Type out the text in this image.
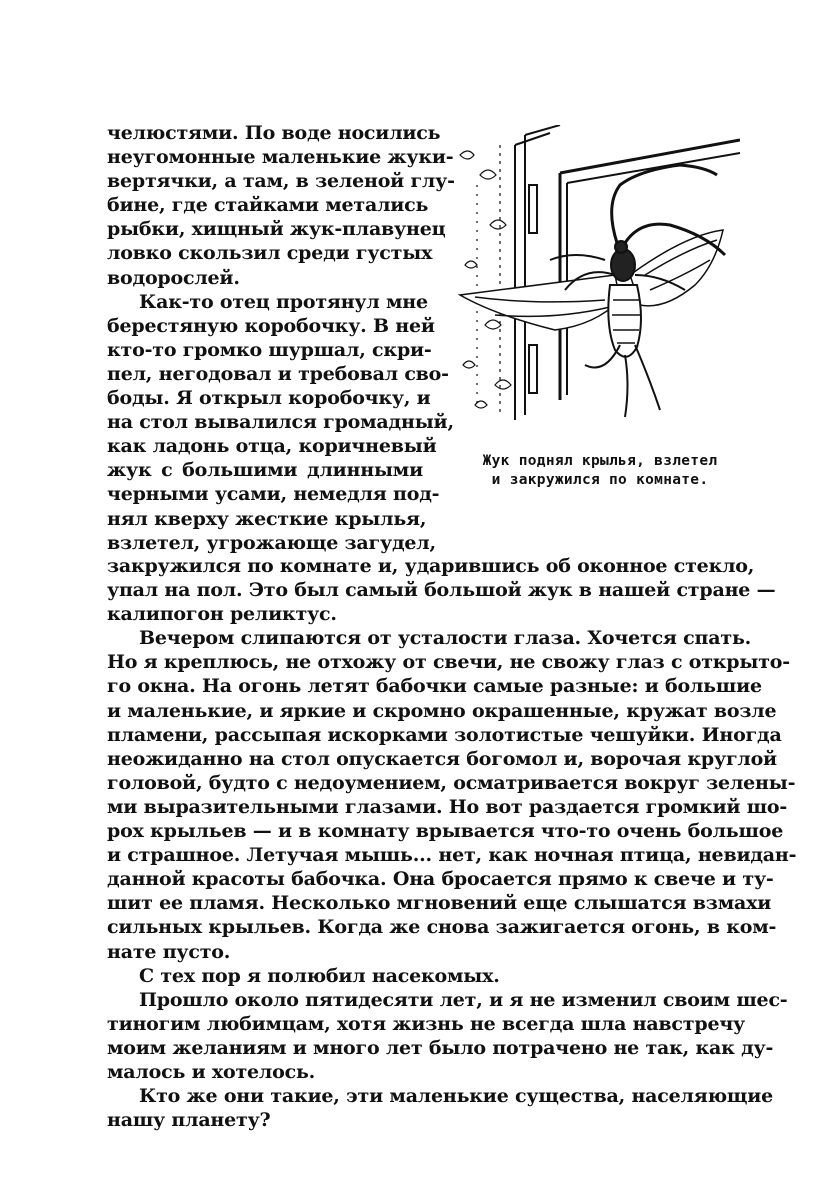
челюстями. По воде носились
неугомонные маленькие жуки-
вертячки, а там, в зеленой глу-
бине, где стайками метались
рыбки, хищный жук-плавунец
ловко скользил среди густых
водорослей.
Как-то отец протянул мне
берестяную коробочку. В ней
кто-то громко шуршал, скри-
пел, негодовал и требовал сво-
боды. Я открыл коробочку, и
на стол вывалился громадный,
как ладонь отца, коричневый
жук с большими длинными
черными усами, немедля под-
нял кверху жесткие крылья,
взлетел, угрожающе загудел,
Жук поднял крылья, взлетел
и закружился по комнате.
закружился по комнате и, ударившись об оконное стекло,
упал на пол. Это был самый большой жук в нашей стране —
калипогон реликтус.
Вечером слипаются от усталости глаза. Хочется спать.
Но я креплюсь, не отхожу от свечи, не свожу глаз с открыто-
го окна. На огонь летят бабочки самые разные: и большие
и маленькие, и яркие и скромно окрашенные, кружат возле
пламени, рассыпая искорками золотистые чешуйки. Иногда
неожиданно на стол опускается богомол и, ворочая круглой
головой, будто с недоумением, осматривается вокруг зелены-
ми выразительными глазами. Но вот раздается громкий шо-
рох крыльев — и в комнату врывается что-то очень большое
и страшное. Летучая мышь... нет, как ночная птица, невидан-
данной красоты бабочка. Она бросается прямо к свече и ту-
шит ее пламя. Несколько мгновений еще слышатся взмахи
сильных крыльев. Когда же снова зажигается огонь, в ком-
нате пусто.
С тех пор я полюбил насекомых.
Прошло около пятидесяти лет, и я не изменил своим шес-
тиногим любимцам, хотя жизнь не всегда шла навстречу
моим желаниям и много лет было потрачено не так, как ду-
малось и хотелось.
Кто же они такие, эти маленькие существа, населяющие
нашу планету?
